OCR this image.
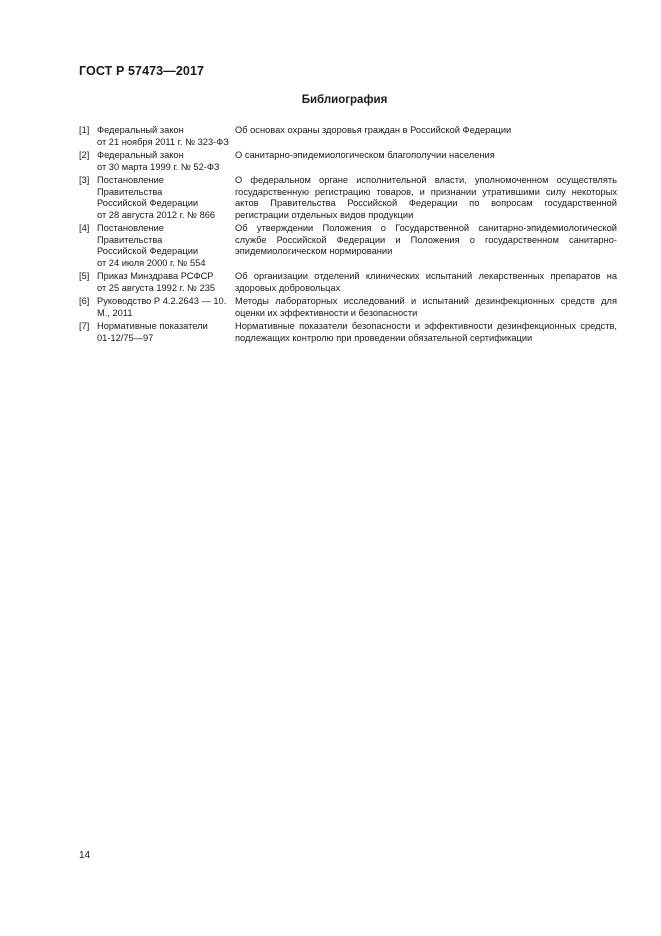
ГОСТ Р 57473—2017
Библиография
[1] Федеральный закон
от 21 ноября 2011 г. № 323-ФЗ
Об основах охраны здоровья граждан в Российской Федерации
[2] Федеральный закон
от 30 марта 1999 г. № 52-ФЗ
О санитарно-эпидемиологическом благополучии населения
[3] Постановление
Правительства
Российской Федерации
от 28 августа 2012 г. № 866
О федеральном органе исполнительной власти, уполномоченном осуществлять государственную регистрацию товаров, и признании утратившими силу некоторых актов Правительства Российской Федерации по вопросам государственной регистрации отдельных видов продукции
[4] Постановление
Правительства
Российской Федерации
от 24 июля 2000 г. № 554
Об утверждении Положения о Государственной санитарно-эпидемиологической службе Российской Федерации и Положения о государственном санитарно-эпидемиологическом нормировании
[5] Приказ Минздрава РСФСР
от 25 августа 1992 г. № 235
Об организации отделений клинических испытаний лекарственных препаратов на здоровых добровольцах
[6] Руководство Р 4.2.2643 — 10.
М., 2011
Методы лабораторных исследований и испытаний дезинфекционных средств для оценки их эффективности и безопасности
[7] Нормативные показатели
01-12/75—97
Нормативные показатели безопасности и эффективности дезинфекционных средств, подлежащих контролю при проведении обязательной сертификации
14
